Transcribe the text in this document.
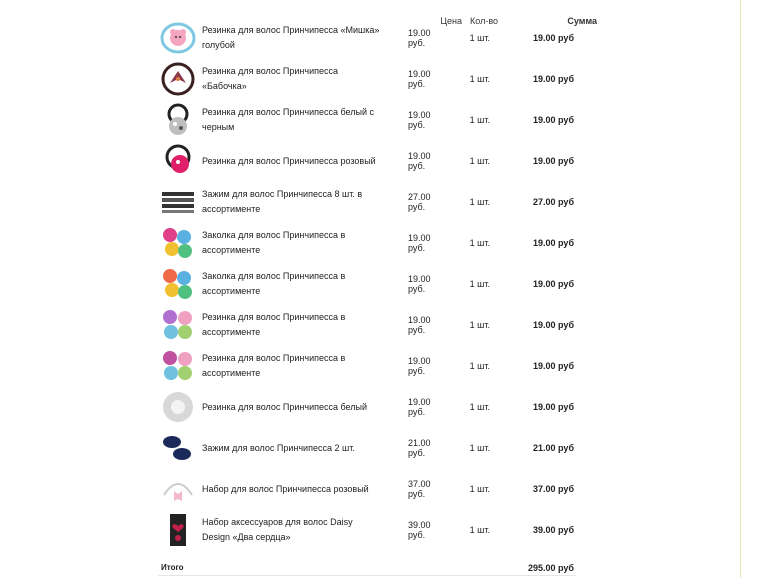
Цена Кол-во	Сумма
Резинка для волос Принчипесса «Мишка» голубой
19.00 руб.	1 шт.	19.00 руб
Резинка для волос Принчипесса «Бабочка»
19.00 руб.	1 шт.	19.00 руб
Резинка для волос Принчипесса белый с черным
19.00 руб.	1 шт.	19.00 руб
Резинка для волос Принчипесса розовый	19.00 руб.	1 шт.	19.00 руб
Зажим для волос Принчипесса 8 шт. в ассортименте
27.00 руб.	1 шт.	27.00 руб
Заколка для волос Принчипесса в ассортименте
19.00 руб.	1 шт.	19.00 руб
Заколка для волос Принчипесса в ассортименте
19.00 руб.	1 шт.	19.00 руб
Резинка для волос Принчипесса в ассортименте
19.00 руб.	1 шт.	19.00 руб
Резинка для волос Принчипесса в ассортименте
19.00 руб.	1 шт.	19.00 руб
Резинка для волос Принчипесса белый	19.00 руб.	1 шт.	19.00 руб
Зажим для волос Принчипесса 2 шт.	21.00 руб.	1 шт.	21.00 руб
Набор для волос Принчипесса розовый	37.00 руб.	1 шт.	37.00 руб
Набор аксессуаров для волос Daisy Design «Два сердца»
39.00 руб.	1 шт.	39.00 руб
Итого	295.00 руб
